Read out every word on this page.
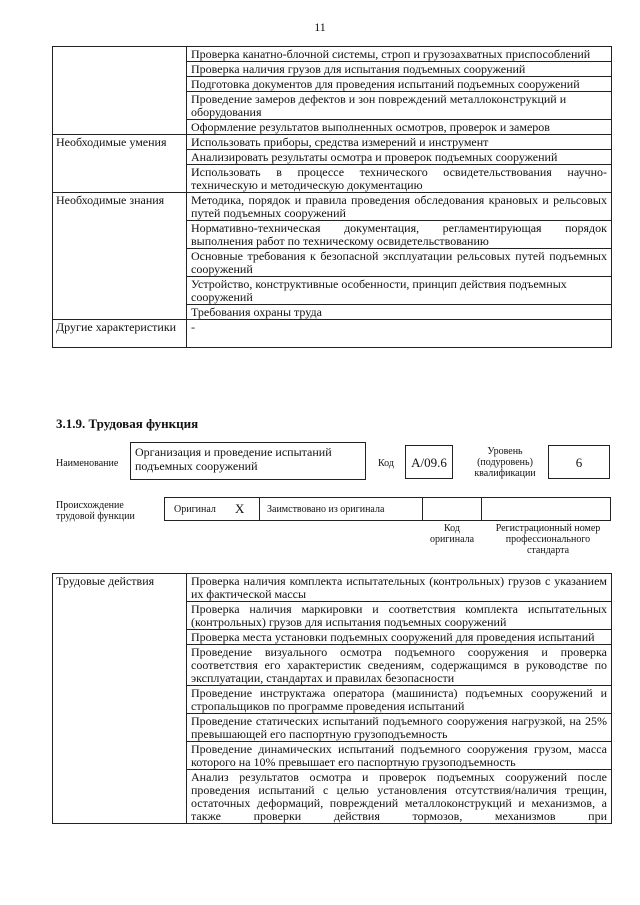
11
	Проверка канатно-блочной системы, строп и грузозахватных приспособлений
	Проверка наличия грузов для испытания подъемных сооружений
	Подготовка документов для проведения испытаний подъемных сооружений
	Проведение замеров дефектов и зон повреждений металлоконструкций и оборудования
	Оформление результатов выполненных осмотров, проверок и замеров
Необходимые умения	Использовать приборы, средства измерений и инструмент
	Анализировать результаты осмотра и проверок подъемных сооружений
	Использовать в процессе технического освидетельствования научно-техническую и методическую документацию
Необходимые знания	Методика, порядок и правила проведения обследования крановых и рельсовых путей подъемных сооружений
	Нормативно-техническая документация, регламентирующая порядок выполнения работ по техническому освидетельствованию
	Основные требования к безопасной эксплуатации рельсовых путей подъемных сооружений
	Устройство, конструктивные особенности, принцип действия подъемных сооружений
	Требования охраны труда
Другие характеристики	-
3.1.9. Трудовая функция
Наименование
Организация и проведение испытаний подъемных сооружений	Код	А/09.6
Уровень (подуровень) квалификации
6
Происхождение трудовой функции
Оригинал X Заимствовано из оригинала
Код оригинала
Регистрационный номер профессионального стандарта
Трудовые действия	Проверка наличия комплекта испытательных (контрольных) грузов с указанием их фактической массы
Проверка наличия маркировки и соответствия комплекта испытательных (контрольных) грузов для испытания подъемных сооружений
Проверка места установки подъемных сооружений для проведения испытаний
Проведение визуального осмотра подъемного сооружения и проверка соответствия его характеристик сведениям, содержащимся в руководстве по эксплуатации, стандартах и правилах безопасности
Проведение инструктажа оператора (машиниста) подъемных сооружений и стропальщиков по программе проведения испытаний
Проведение статических испытаний подъемного сооружения нагрузкой, на 25% превышающей его паспортную грузоподъемность
Проведение динамических испытаний подъемного сооружения грузом, масса которого на 10% превышает его паспортную грузоподъемность
Анализ результатов осмотра и проверок подъемных сооружений после проведения испытаний с целью установления отсутствия/наличия трещин, остаточных деформаций, повреждений металлоконструкций и механизмов, а также проверки действия тормозов, механизмов при
